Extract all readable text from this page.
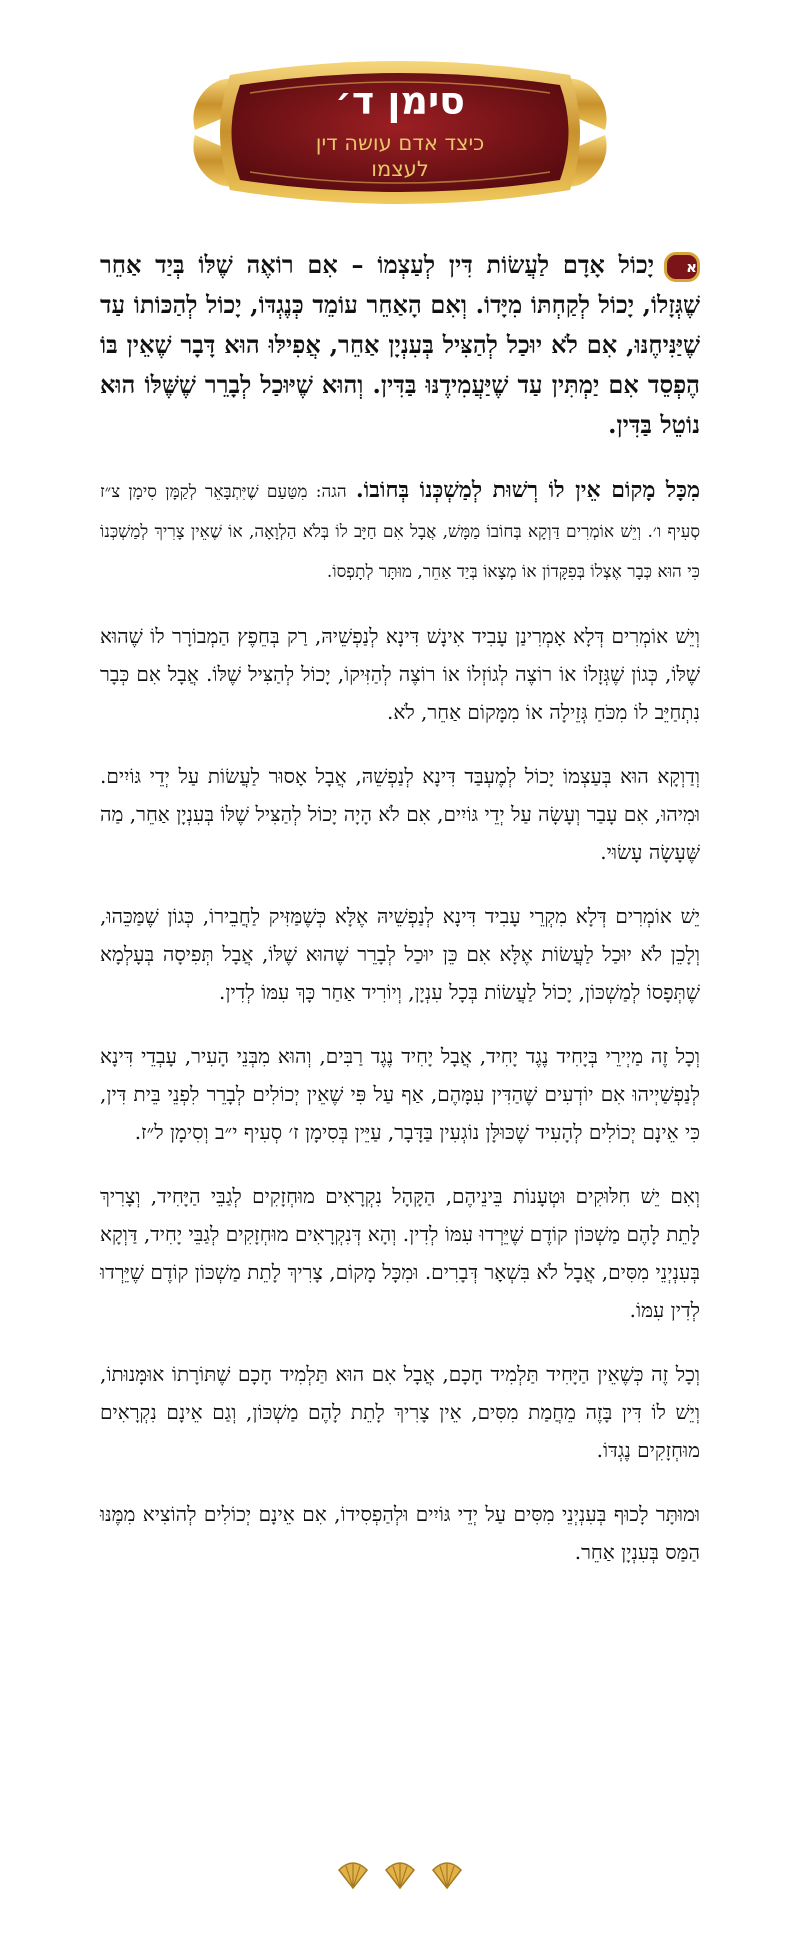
סימן ד׳
כיצד אדם עושה דין
לעצמו

איָכוֹל אָדָם לַעֲשׂוֹת דִּין לְעַצְמוֹ – אִם רוֹאֶה שֶׁלּוֹ בְּיַד אַחֵר שֶׁגְּזָלוֹ, יָכוֹל לְקַחְתּוֹ מִיָּדוֹ. וְאִם הָאַחֵר עוֹמֵד כְּנֶגְדּוֹ, יָכוֹל לְהַכּוֹתוֹ עַד שֶׁיַּנִּיחֶנּוּ, אִם לֹא יוּכַל לְהַצִּיל בְּעִנְיָן אַחֵר, אֲפִילּוּ הוּא דָּבָר שֶׁאֵין בּוֹ הֶפְסֵד אִם יַמְתִּין עַד שֶׁיַּעֲמִידֶנּוּ בַּדִּין. וְהוּא שֶׁיּוּכַל לְבָרֵר שֶׁשֶּׁלּוֹ הוּא נוֹטֵל בַּדִּין.

מִכָּל מָקוֹם אֵין לוֹ רְשׁוּת לְמַשְׁכְּנוֹ בְּחוֹבוֹ. הגה: מִטַּעַם שֶׁיִּתְבָּאֵר לְקַמָּן סִימָן צ״ז סְעִיף ו׳. וְיֵשׁ אוֹמְרִים דַּוְקָא בְּחוֹבוֹ מַמָּשׁ, אֲבָל אִם חַיָּב לוֹ בְּלֹא הַלְוָאָה, אוֹ שֶׁאֵין צָרִיךְ לְמַשְׁכְּנוֹ כִּי הוּא כְּבָר אֶצְלוֹ בְּפִקָּדוֹן אוֹ מְצָאוֹ בְּיַד אַחֵר, מוּתָּר לְתָפְסוֹ.

וְיֵשׁ אוֹמְרִים דְּלָא אָמְרִינַן עָבִיד אִינָשׁ דִּינָא לְנַפְשֵׁיהּ, רַק בְּחֵפֶץ הַמְבוֹרָר לוֹ שֶׁהוּא שֶׁלּוֹ, כְּגוֹן שֶׁגְּזָלוֹ אוֹ רוֹצֶה לְגוֹזְלוֹ אוֹ רוֹצֶה לְהַזִּיקוֹ, יָכוֹל לְהַצִּיל שֶׁלּוֹ. אֲבָל אִם כְּבָר נִתְחַיֵּב לוֹ מִכֹּחַ גְּזֵילָה אוֹ מִמָּקוֹם אַחֵר, לֹא.

וְדַוְקָא הוּא בְּעַצְמוֹ יָכוֹל לְמֶעְבַּד דִּינָא לְנַפְשֵׁהּ, אֲבָל אָסוּר לַעֲשׂוֹת עַל יְדֵי גּוֹיִים. וּמִיהוּ, אִם עָבַר וְעָשָׂה עַל יְדֵי גּוֹיִים, אִם לֹא הָיָה יָכוֹל לְהַצִּיל שֶׁלּוֹ בְּעִנְיָן אַחֵר, מַה שֶּׁעָשָׂה עָשׂוּי.

יֵשׁ אוֹמְרִים דְּלָא מִקְרֵי עָבִיד דִּינָא לְנַפְשֵׁיהּ אֶלָּא כְּשֶׁמַּזִּיק לַחֲבֵירוֹ, כְּגוֹן שֶׁמַּכֵּהוּ, וְלָכֵן לֹא יוּכַל לַעֲשׂוֹת אֶלָּא אִם כֵּן יוּכַל לְבָרֵר שֶׁהוּא שֶׁלּוֹ, אֲבָל תְּפִיסָה בְּעָלְמָא שֶׁתְּפָסוֹ לְמַשְׁכּוֹן, יָכוֹל לַעֲשׂוֹת בְּכָל עִנְיָן, וְיוֹרִיד אַחַר כָּךְ עִמּוֹ לְדִין.

וְכָל זֶה מַיְירֵי בְּיָחִיד נֶגֶד יָחִיד, אֲבָל יָחִיד נֶגֶד רַבִּים, וְהוּא מִבְּנֵי הָעִיר, עָבְדֵי דִּינָא לְנַפְשַׁיְיהוּ אִם יוֹדְעִים שֶׁהַדִּין עִמָּהֶם, אַף עַל פִּי שֶׁאֵין יְכוֹלִים לְבָרֵר לִפְנֵי בֵּית דִּין, כִּי אֵינָם יְכוֹלִים לְהָעִיד שֶׁכּוּלָּן נוֹגְעִין בַּדָּבָר, עַיֵּין בְּסִימָן ז׳ סְעִיף י״ב וְסִימָן ל״ז.

וְאִם יֵשׁ חִלּוּקִים וּטְעָנוֹת בֵּינֵיהֶם, הַקָּהָל נִקְרָאִים מוּחְזָקִים לְגַבֵּי הַיָּחִיד, וְצָרִיךְ לָתֵת לָהֶם מַשְׁכּוֹן קוֹדֶם שֶׁיֵּרְדוּ עִמּוֹ לְדִין. וְהָא דְּנִקְרָאִים מוּחְזָקִים לְגַבֵּי יָחִיד, דַּוְקָא בְּעִנְיְנֵי מִסִּים, אֲבָל לֹא בִּשְׁאָר דְּבָרִים. וּמִכָּל מָקוֹם, צָרִיךְ לָתֵת מַשְׁכּוֹן קוֹדֶם שֶׁיֵּרְדוּ לְדִין עִמּוֹ.

וְכָל זֶה כְּשֶׁאֵין הַיָּחִיד תַּלְמִיד חָכָם, אֲבָל אִם הוּא תַּלְמִיד חָכָם שֶׁתּוֹרָתוֹ אוּמָּנוּתוֹ, וְיֵשׁ לוֹ דִּין בָּזֶה מֵחֲמַת מִסִּים, אֵין צָרִיךְ לָתֵת לָהֶם מַשְׁכּוֹן, וְגַם אֵינָם נִקְרָאִים מוּחְזָקִים נֶגְדּוֹ.

וּמוּתָּר לָכוּף בְּעִנְיְנֵי מִסִּים עַל יְדֵי גּוֹיִים וּלְהַפְסִידוֹ, אִם אֵינָם יְכוֹלִים לְהוֹצִיא מִמֶּנּוּ הַמַּס בְּעִנְיָן אַחֵר.
